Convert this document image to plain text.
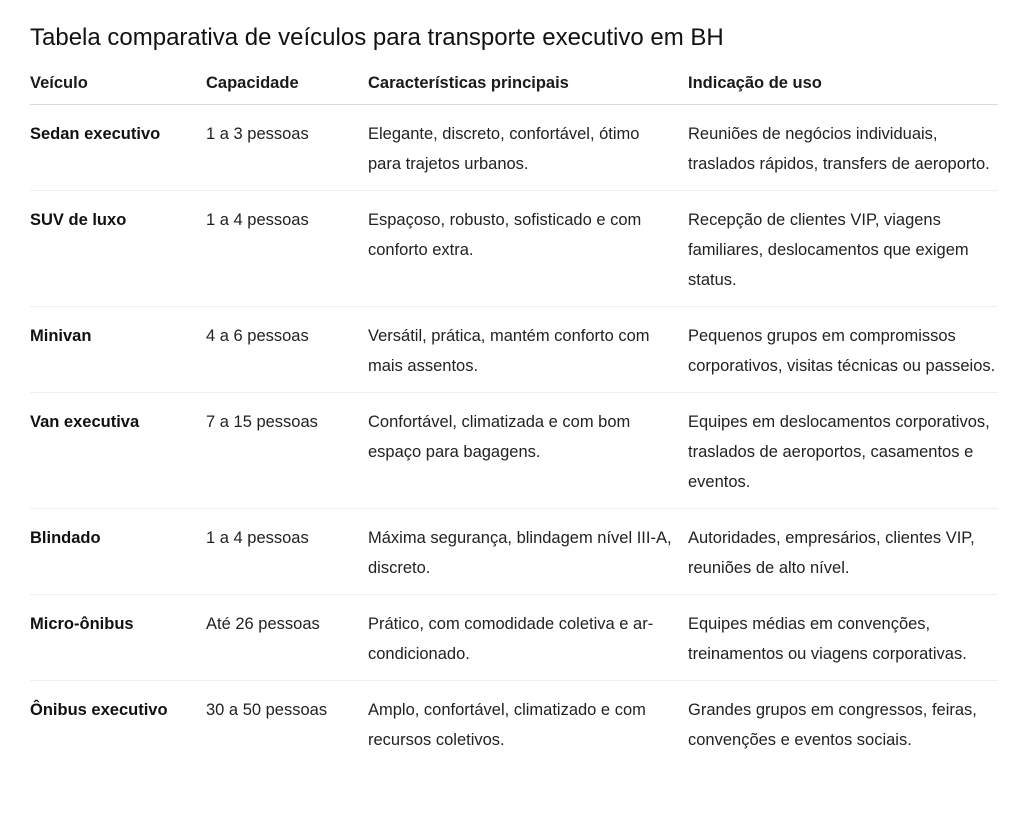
Tabela comparativa de veículos para transporte executivo em BH
Veículo	Capacidade	Características principais	Indicação de uso
Sedan executivo	1 a 3 pessoas	Elegante, discreto, confortável, ótimo para trajetos urbanos.	Reuniões de negócios individuais, traslados rápidos, transfers de aeroporto.
SUV de luxo	1 a 4 pessoas	Espaçoso, robusto, sofisticado e com conforto extra.	Recepção de clientes VIP, viagens familiares, deslocamentos que exigem status.
Minivan	4 a 6 pessoas	Versátil, prática, mantém conforto com mais assentos.	Pequenos grupos em compromissos corporativos, visitas técnicas ou passeios.
Van executiva	7 a 15 pessoas	Confortável, climatizada e com bom espaço para bagagens.	Equipes em deslocamentos corporativos, traslados de aeroportos, casamentos e eventos.
Blindado	1 a 4 pessoas	Máxima segurança, blindagem nível III-A, discreto.	Autoridades, empresários, clientes VIP, reuniões de alto nível.
Micro-ônibus	Até 26 pessoas	Prático, com comodidade coletiva e ar-condicionado.	Equipes médias em convenções, treinamentos ou viagens corporativas.
Ônibus executivo	30 a 50 pessoas	Amplo, confortável, climatizado e com recursos coletivos.	Grandes grupos em congressos, feiras, convenções e eventos sociais.
